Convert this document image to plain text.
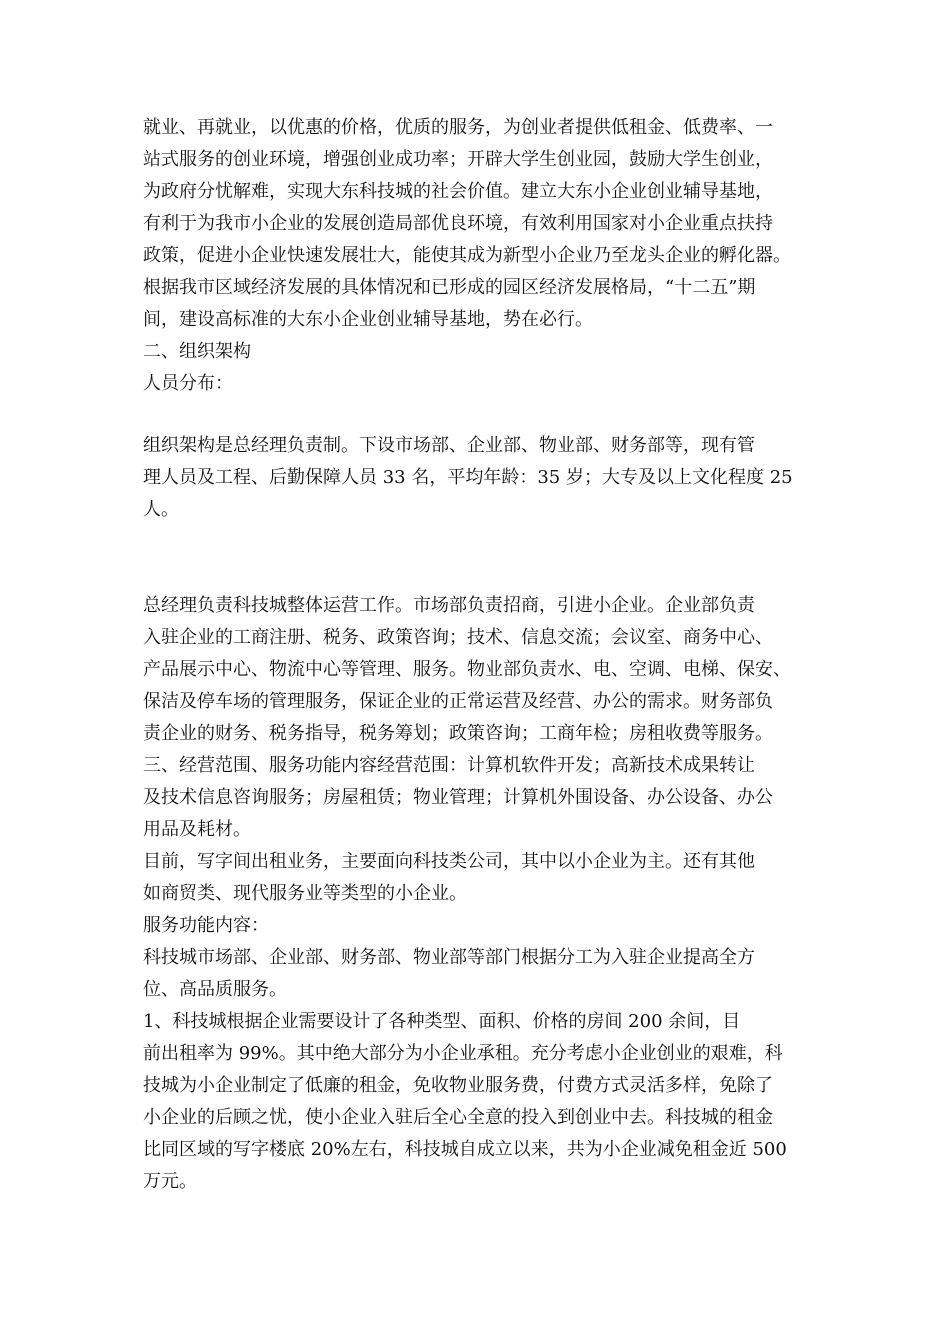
就业、再就业，以优惠的价格，优质的服务，为创业者提供低租金、低费率、一
站式服务的创业环境，增强创业成功率；开辟大学生创业园，鼓励大学生创业，
为政府分忧解难，实现大东科技城的社会价值。建立大东小企业创业辅导基地，
有利于为我市小企业的发展创造局部优良环境，有效利用国家对小企业重点扶持
政策，促进小企业快速发展壮大，能使其成为新型小企业乃至龙头企业的孵化器。
根据我市区域经济发展的具体情况和已形成的园区经济发展格局，“十二五”期
间，建设高标准的大东小企业创业辅导基地，势在必行。
二、组织架构
人员分布：
组织架构是总经理负责制。下设市场部、企业部、物业部、财务部等，现有管
理人员及工程、后勤保障人员 33 名，平均年龄：35 岁；大专及以上文化程度 25
人。
总经理负责科技城整体运营工作。市场部负责招商，引进小企业。企业部负责
入驻企业的工商注册、税务、政策咨询；技术、信息交流；会议室、商务中心、
产品展示中心、物流中心等管理、服务。物业部负责水、电、空调、电梯、保安、
保洁及停车场的管理服务，保证企业的正常运营及经营、办公的需求。财务部负
责企业的财务、税务指导，税务筹划；政策咨询；工商年检；房租收费等服务。
三、经营范围、服务功能内容经营范围：计算机软件开发；高新技术成果转让
及技术信息咨询服务；房屋租赁；物业管理；计算机外围设备、办公设备、办公
用品及耗材。
目前，写字间出租业务，主要面向科技类公司，其中以小企业为主。还有其他
如商贸类、现代服务业等类型的小企业。
服务功能内容：
科技城市场部、企业部、财务部、物业部等部门根据分工为入驻企业提高全方
位、高品质服务。
1、科技城根据企业需要设计了各种类型、面积、价格的房间 200 余间，目
前出租率为 99%。其中绝大部分为小企业承租。充分考虑小企业创业的艰难，科
技城为小企业制定了低廉的租金，免收物业服务费，付费方式灵活多样，免除了
小企业的后顾之忧，使小企业入驻后全心全意的投入到创业中去。科技城的租金
比同区域的写字楼底 20%左右，科技城自成立以来，共为小企业减免租金近 500
万元。
